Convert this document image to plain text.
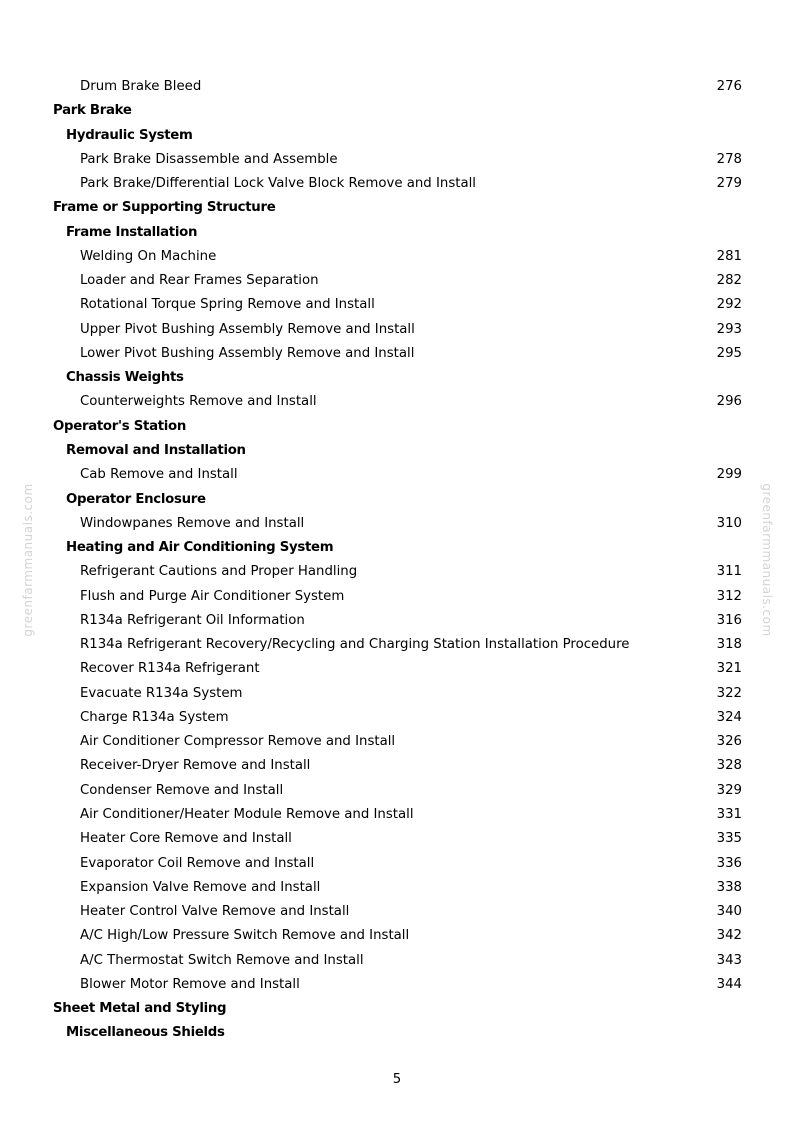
greenfarmmanuals.com	greenfarmmanuals.com
Drum Brake Bleed	276
Park Brake
Hydraulic System
Park Brake Disassemble and Assemble	278
Park Brake/Differential Lock Valve Block Remove and Install	279
Frame or Supporting Structure
Frame Installation
Welding On Machine	281
Loader and Rear Frames Separation	282
Rotational Torque Spring Remove and Install	292
Upper Pivot Bushing Assembly Remove and Install	293
Lower Pivot Bushing Assembly Remove and Install	295
Chassis Weights
Counterweights Remove and Install	296
Operator's Station
Removal and Installation
Cab Remove and Install	299
Operator Enclosure
Windowpanes Remove and Install	310
Heating and Air Conditioning System
Refrigerant Cautions and Proper Handling	311
Flush and Purge Air Conditioner System	312
R134a Refrigerant Oil Information	316
R134a Refrigerant Recovery/Recycling and Charging Station Installation Procedure	318
Recover R134a Refrigerant	321
Evacuate R134a System	322
Charge R134a System	324
Air Conditioner Compressor Remove and Install	326
Receiver-Dryer Remove and Install	328
Condenser Remove and Install	329
Air Conditioner/Heater Module Remove and Install	331
Heater Core Remove and Install	335
Evaporator Coil Remove and Install	336
Expansion Valve Remove and Install	338
Heater Control Valve Remove and Install	340
A/C High/Low Pressure Switch Remove and Install	342
A/C Thermostat Switch Remove and Install	343
Blower Motor Remove and Install	344
Sheet Metal and Styling
Miscellaneous Shields
5
